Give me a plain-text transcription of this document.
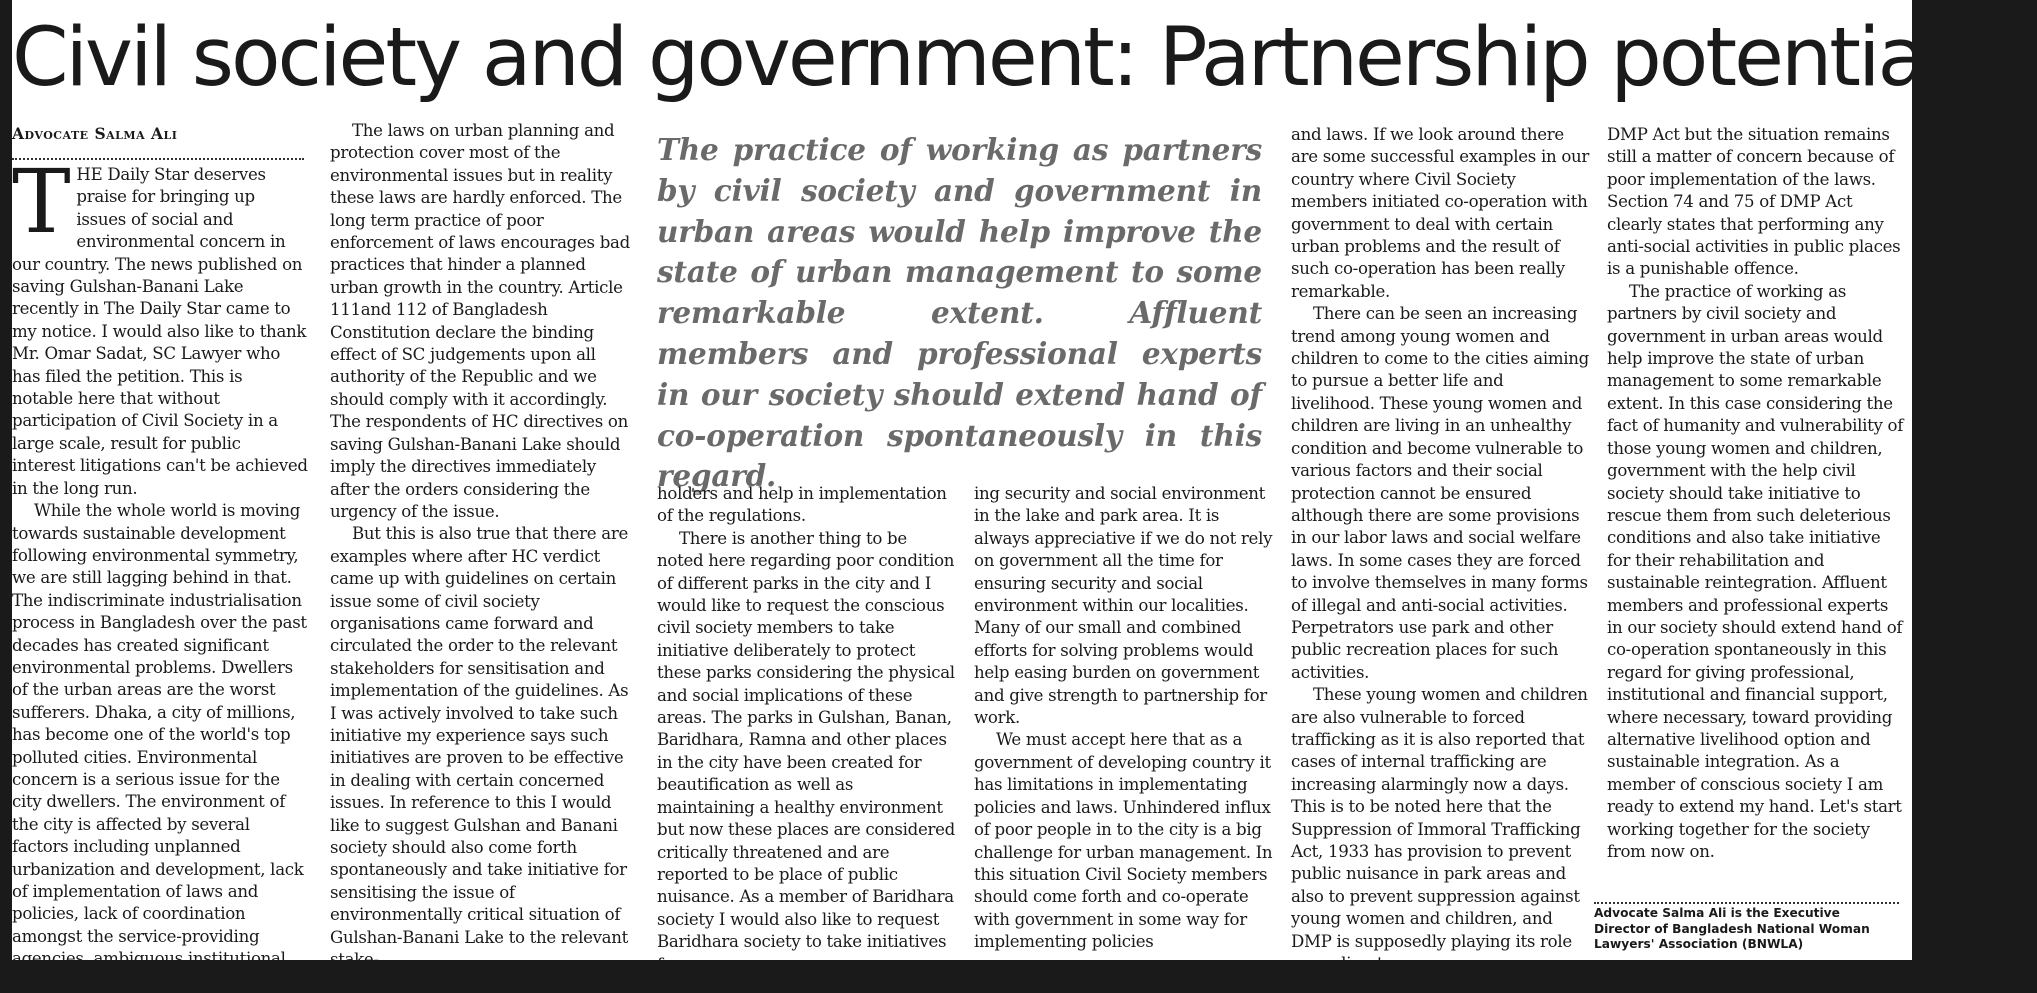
Civil society and government: Partnership potentiality
Advocate Salma Ali

THE Daily Star deserves praise for bringing up issues of social and environmental concern in our country. The news published on saving Gulshan-Banani Lake recently in The Daily Star came to my notice. I would also like to thank Mr. Omar Sadat, SC Lawyer who has filed the petition. This is notable here that without participation of Civil Society in a large scale, result for public interest litigations can't be achieved in the long run.

While the whole world is moving towards sustainable development following environmental symmetry, we are still lagging behind in that. The indiscriminate industrialisation process in Bangladesh over the past decades has created significant environmental problems. Dwellers of the urban areas are the worst sufferers. Dhaka, a city of millions, has become one of the world's top polluted cities. Environmental concern is a serious issue for the city dwellers. The environment of the city is affected by several factors including unplanned urbanization and development, lack of implementation of laws and policies, lack of coordination amongst the service-providing agencies, ambiguous institutional arrangements and so on.

The laws on urban planning and protection cover most of the environmental issues but in reality these laws are hardly enforced. The long term practice of poor enforcement of laws encourages bad practices that hinder a planned urban growth in the country. Article 111and 112 of Bangladesh Constitution declare the binding effect of SC judgements upon all authority of the Republic and we should comply with it accordingly. The respondents of HC directives on saving Gulshan-Banani Lake should imply the directives immediately after the orders considering the urgency of the issue.

But this is also true that there are examples where after HC verdict came up with guidelines on certain issue some of civil society organisations came forward and circulated the order to the relevant stakeholders for sensitisation and implementation of the guidelines. As I was actively involved to take such initiative my experience says such initiatives are proven to be effective in dealing with certain concerned issues. In reference to this I would like to suggest Gulshan and Banani society should also come forth spontaneously and take initiative for sensitising the issue of environmentally critical situation of Gulshan-Banani Lake to the relevant stake-

The practice of working as partners by civil society and government in urban areas would help improve the state of urban management to some remarkable extent. Affluent members and professional experts in our society should extend hand of co-operation spontaneously in this regard.

holders and help in implementation of the regulations.

There is another thing to be noted here regarding poor condition of different parks in the city and I would like to request the conscious civil society members to take initiative deliberately to protect these parks considering the physical and social implications of these areas. The parks in Gulshan, Banan, Baridhara, Ramna and other places in the city have been created for beautification as well as maintaining a healthy environment but now these places are considered critically threatened and are reported to be place of public nuisance. As a member of Baridhara society I would also like to request Baridhara society to take initiatives for ensur-

ing security and social environment in the lake and park area. It is always appreciative if we do not rely on government all the time for ensuring security and social environment within our localities. Many of our small and combined efforts for solving problems would help easing burden on government and give strength to partnership for work.

We must accept here that as a government of developing country it has limitations in implementating policies and laws. Unhindered influx of poor people in to the city is a big challenge for urban management. In this situation Civil Society members should come forth and co-operate with government in some way for implementing policies

and laws. If we look around there are some successful examples in our country where Civil Society members initiated co-operation with government to deal with certain urban problems and the result of such co-operation has been really remarkable.

There can be seen an increasing trend among young women and children to come to the cities aiming to pursue a better life and livelihood. These young women and children are living in an unhealthy condition and become vulnerable to various factors and their social protection cannot be ensured although there are some provisions in our labor laws and social welfare laws. In some cases they are forced to involve themselves in many forms of illegal and anti-social activities. Perpetrators use park and other public recreation places for such activities.

These young women and children are also vulnerable to forced trafficking as it is also reported that cases of internal trafficking are increasing alarmingly now a days. This is to be noted here that the Suppression of Immoral Trafficking Act, 1933 has provision to prevent public nuisance in park areas and also to prevent suppression against young women and children, and DMP is supposedly playing its role according to

DMP Act but the situation remains still a matter of concern because of poor implementation of the laws. Section 74 and 75 of DMP Act clearly states that performing any anti-social activities in public places is a punishable offence.

The practice of working as partners by civil society and government in urban areas would help improve the state of urban management to some remarkable extent. In this case considering the fact of humanity and vulnerability of those young women and children, government with the help civil society should take initiative to rescue them from such deleterious conditions and also take initiative for their rehabilitation and sustainable reintegration. Affluent members and professional experts in our society should extend hand of co-operation spontaneously in this regard for giving professional, institutional and financial support, where necessary, toward providing alternative livelihood option and sustainable integration. As a member of conscious society I am ready to extend my hand. Let's start working together for the society from now on.

Advocate Salma Ali is the Executive Director of Bangladesh National Woman Lawyers' Association (BNWLA)
